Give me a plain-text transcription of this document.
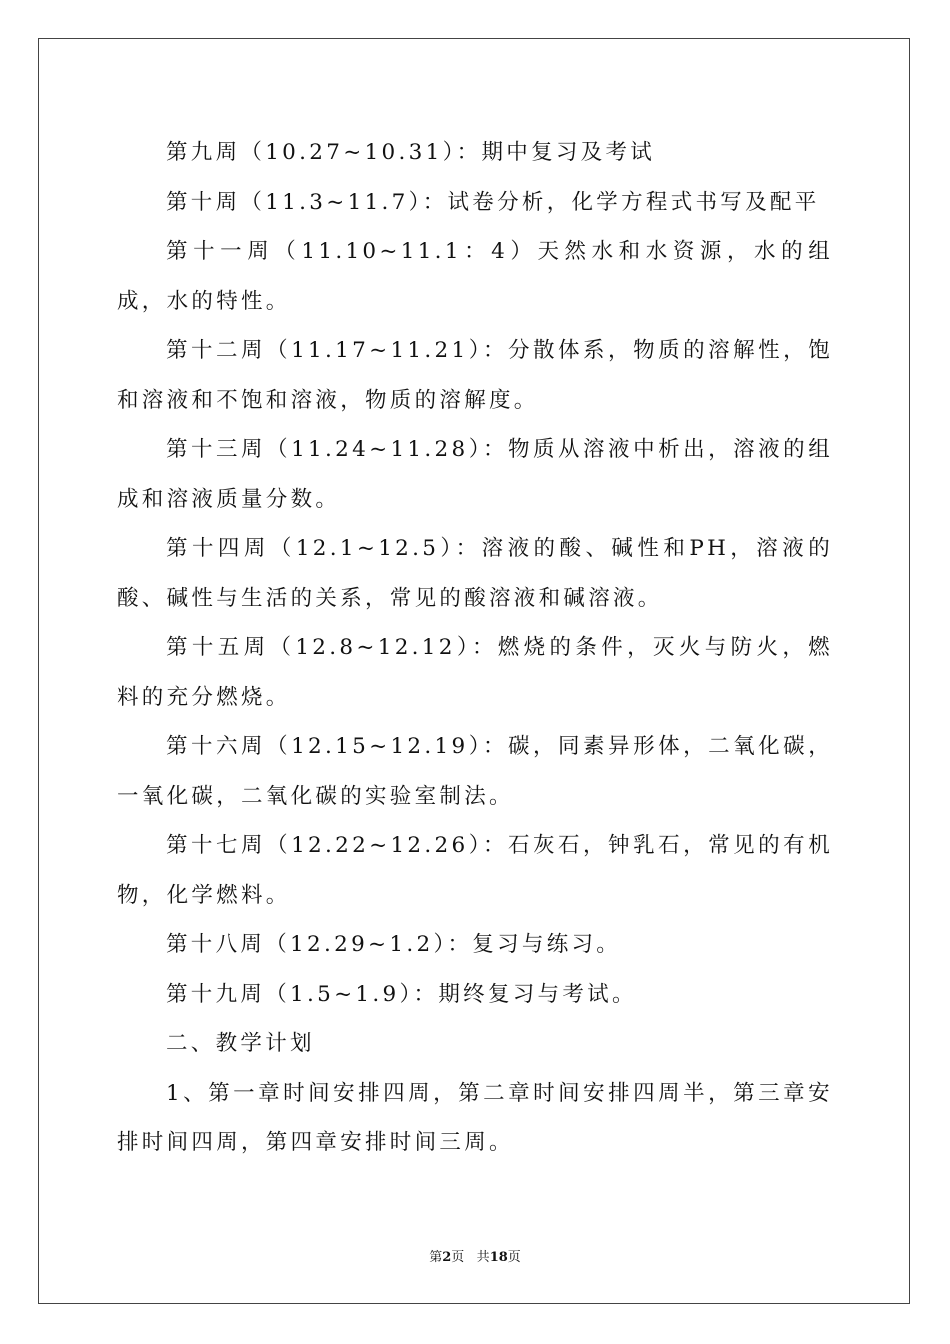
第九周（10.27~10.31）：期中复习及考试

第十周（11.3~11.7）：试卷分析，化学方程式书写及配平

第十一周（11.10~11.1：4）天然水和水资源，水的组成，水的特性。

第十二周（11.17~11.21）：分散体系，物质的溶解性，饱和溶液和不饱和溶液，物质的溶解度。

第十三周（11.24~11.28）：物质从溶液中析出，溶液的组成和溶液质量分数。

第十四周（12.1~12.5）：溶液的酸、碱性和PH，溶液的酸、碱性与生活的关系，常见的酸溶液和碱溶液。

第十五周（12.8~12.12）：燃烧的条件，灭火与防火，燃料的充分燃烧。

第十六周（12.15~12.19）：碳，同素异形体，二氧化碳，一氧化碳，二氧化碳的实验室制法。

第十七周（12.22~12.26）：石灰石，钟乳石，常见的有机物，化学燃料。

第十八周（12.29~1.2）：复习与练习。

第十九周（1.5~1.9）：期终复习与考试。

二、教学计划

1、第一章时间安排四周，第二章时间安排四周半，第三章安排时间四周，第四章安排时间三周。

第2页 共18页
